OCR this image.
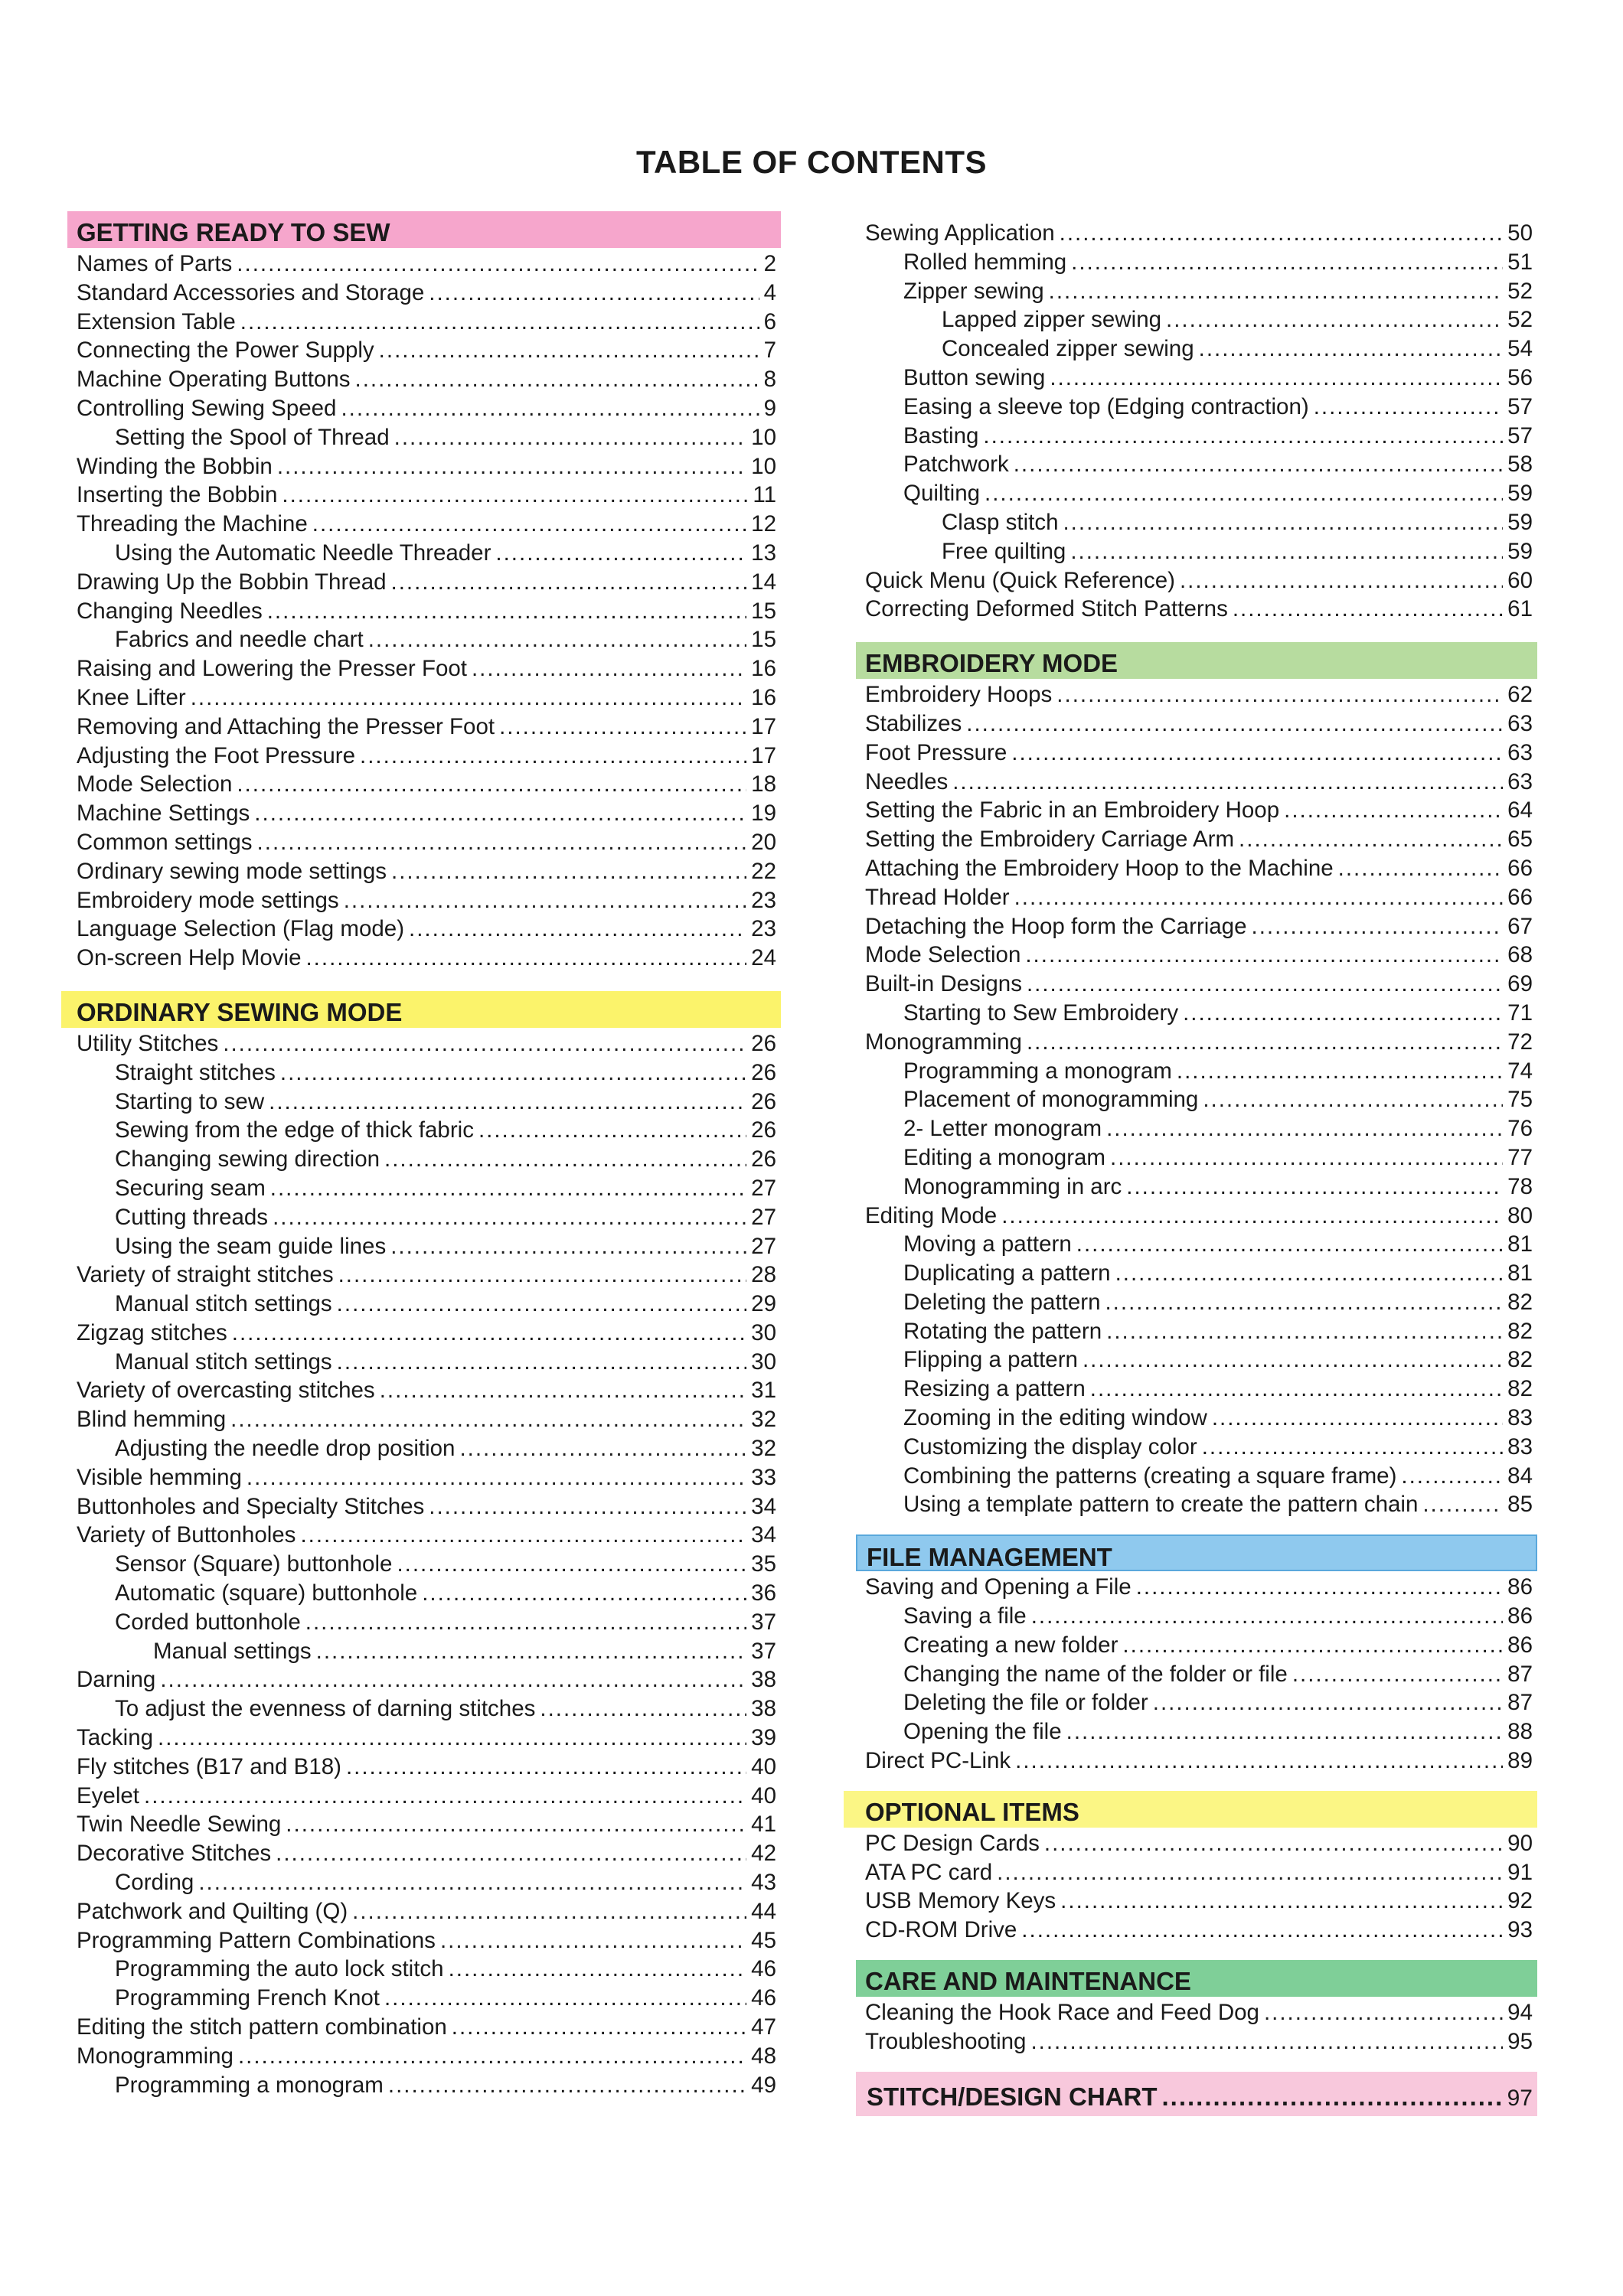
TABLE OF CONTENTS
GETTING READY TO SEW
Names of Parts .....	2
Standard Accessories and Storage .....	4
Extension Table .....	6
Connecting the Power Supply .....	7
Machine Operating Buttons .....	8
Controlling Sewing Speed .....	9
Setting the Spool of Thread .....	10
Winding the Bobbin .....	10
Inserting the Bobbin .....	11
Threading the Machine .....	12
Using the Automatic Needle Threader .....	13
Drawing Up the Bobbin Thread .....	14
Changing Needles .....	15
Fabrics and needle chart .....	15
Raising and Lowering the Presser Foot .....	16
Knee Lifter .....	16
Removing and Attaching the Presser Foot .....	17
Adjusting the Foot Pressure .....	17
Mode Selection .....	18
Machine Settings .....	19
Common settings .....	20
Ordinary sewing mode settings .....	22
Embroidery mode settings .....	23
Language Selection (Flag mode) .....	23
On-screen Help Movie .....	24
ORDINARY SEWING MODE
Utility Stitches .....	26
Straight stitches .....	26
Starting to sew .....	26
Sewing from the edge of thick fabric .....	26
Changing sewing direction .....	26
Securing seam .....	27
Cutting threads .....	27
Using the seam guide lines .....	27
Variety of straight stitches .....	28
Manual stitch settings .....	29
Zigzag stitches .....	30
Manual stitch settings .....	30
Variety of overcasting stitches .....	31
Blind hemming .....	32
Adjusting the needle drop position .....	32
Visible hemming .....	33
Buttonholes and Specialty Stitches .....	34
Variety of Buttonholes .....	34
Sensor (Square) buttonhole .....	35
Automatic (square) buttonhole .....	36
Corded buttonhole .....	37
Manual settings .....	37
Darning .....	38
To adjust the evenness of darning stitches .....	38
Tacking .....	39
Fly stitches (B17 and B18) .....	40
Eyelet .....	40
Twin Needle Sewing .....	41
Decorative Stitches .....	42
Cording .....	43
Patchwork and Quilting (Q) .....	44
Programming Pattern Combinations .....	45
Programming the auto lock stitch .....	46
Programming French Knot .....	46
Editing the stitch pattern combination .....	47
Monogramming .....	48
Programming a monogram .....	49
Sewing Application .....	50
Rolled hemming .....	51
Zipper sewing .....	52
Lapped zipper sewing .....	52
Concealed zipper sewing .....	54
Button sewing .....	56
Easing a sleeve top (Edging contraction) .....	57
Basting .....	57
Patchwork .....	58
Quilting .....	59
Clasp stitch .....	59
Free quilting .....	59
Quick Menu (Quick Reference) .....	60
Correcting Deformed Stitch Patterns .....	61
EMBROIDERY MODE
Embroidery Hoops .....	62
Stabilizes .....	63
Foot Pressure .....	63
Needles .....	63
Setting the Fabric in an Embroidery Hoop .....	64
Setting the Embroidery Carriage Arm .....	65
Attaching the Embroidery Hoop to the Machine .....	66
Thread Holder .....	66
Detaching the Hoop form the Carriage .....	67
Mode Selection .....	68
Built-in Designs .....	69
Starting to Sew Embroidery .....	71
Monogramming .....	72
Programming a monogram .....	74
Placement of monogramming .....	75
2- Letter monogram .....	76
Editing a monogram .....	77
Monogramming in arc .....	78
Editing Mode .....	80
Moving a pattern .....	81
Duplicating a pattern .....	81
Deleting the pattern .....	82
Rotating the pattern .....	82
Flipping a pattern .....	82
Resizing a pattern .....	82
Zooming in the editing window .....	83
Customizing the display color .....	83
Combining the patterns (creating a square frame) .....	84
Using a template pattern to create the pattern chain .....	85
FILE MANAGEMENT
Saving and Opening a File .....	86
Saving a file .....	86
Creating a new folder .....	86
Changing the name of the folder or file .....	87
Deleting the file or folder .....	87
Opening the file .....	88
Direct PC-Link .....	89
OPTIONAL ITEMS
PC Design Cards .....	90
ATA PC card .....	91
USB Memory Keys .....	92
CD-ROM Drive .....	93
CARE AND MAINTENANCE
Cleaning the Hook Race and Feed Dog .....	94
Troubleshooting .....	95
STITCH/DESIGN CHART .....	97
